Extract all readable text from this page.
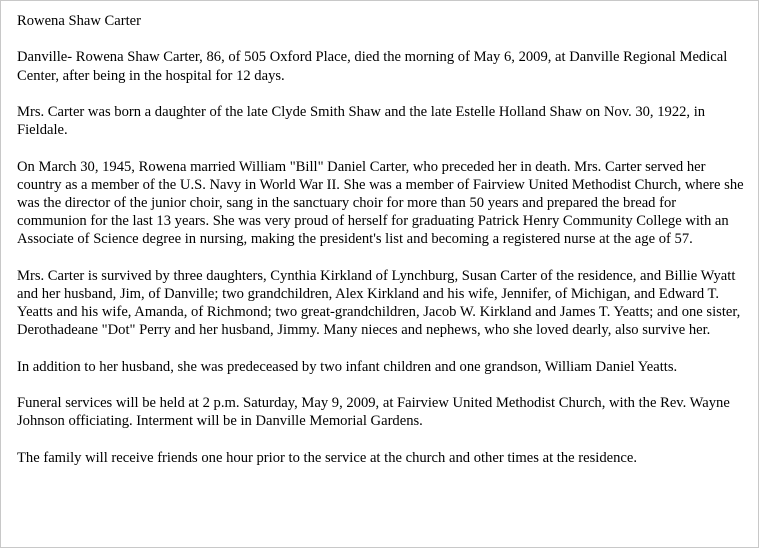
Rowena Shaw Carter

Danville- Rowena Shaw Carter, 86, of 505 Oxford Place, died the morning of May 6, 2009, at Danville Regional Medical Center, after being in the hospital for 12 days.

Mrs. Carter was born a daughter of the late Clyde Smith Shaw and the late Estelle Holland Shaw on Nov. 30, 1922, in Fieldale.

On March 30, 1945, Rowena married William "Bill" Daniel Carter, who preceded her in death. Mrs. Carter served her country as a member of the U.S. Navy in World War II. She was a member of Fairview United Methodist Church, where she was the director of the junior choir, sang in the sanctuary choir for more than 50 years and prepared the bread for communion for the last 13 years. She was very proud of herself for graduating Patrick Henry Community College with an Associate of Science degree in nursing, making the president's list and becoming a registered nurse at the age of 57.

Mrs. Carter is survived by three daughters, Cynthia Kirkland of Lynchburg, Susan Carter of the residence, and Billie Wyatt and her husband, Jim, of Danville; two grandchildren, Alex Kirkland and his wife, Jennifer, of Michigan, and Edward T. Yeatts and his wife, Amanda, of Richmond; two great-grandchildren, Jacob W. Kirkland and James T. Yeatts; and one sister, Derothadeane "Dot" Perry and her husband, Jimmy. Many nieces and nephews, who she loved dearly, also survive her.

In addition to her husband, she was predeceased by two infant children and one grandson, William Daniel Yeatts.

Funeral services will be held at 2 p.m. Saturday, May 9, 2009, at Fairview United Methodist Church, with the Rev. Wayne Johnson officiating. Interment will be in Danville Memorial Gardens.

The family will receive friends one hour prior to the service at the church and other times at the residence.
